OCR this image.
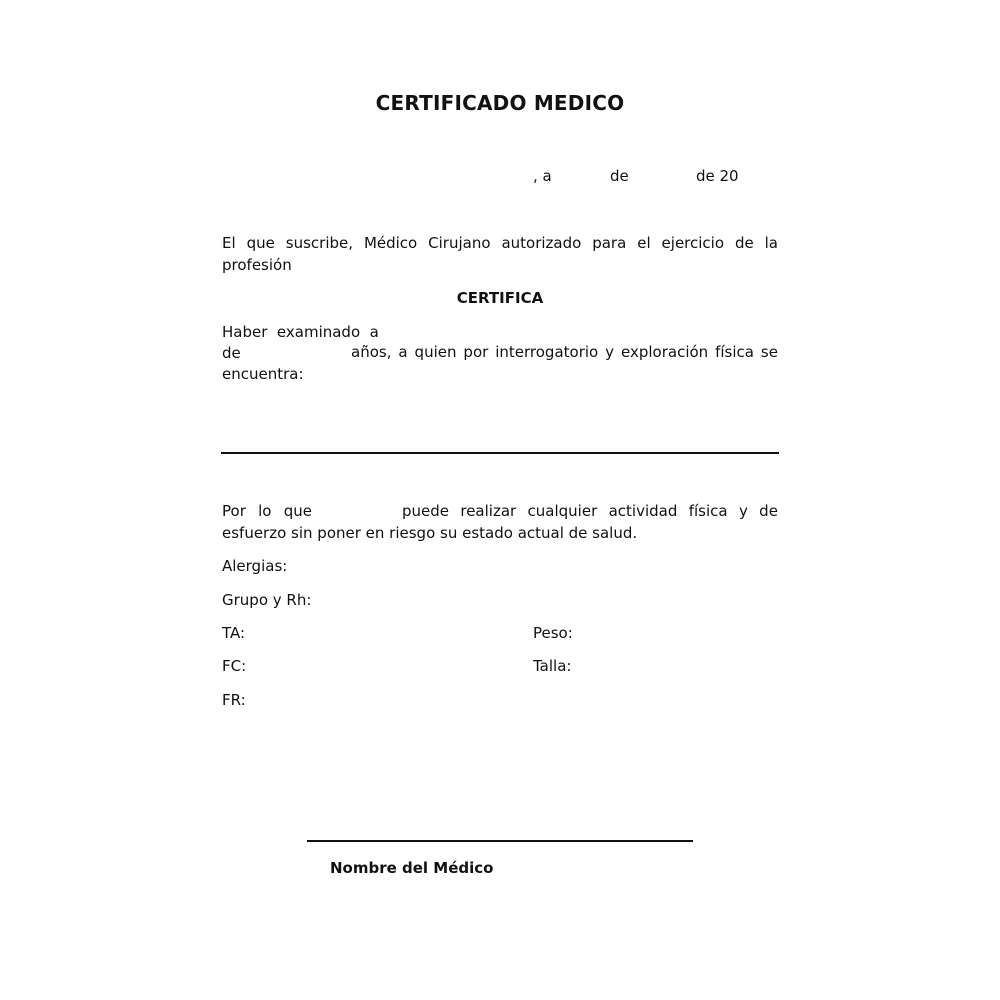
CERTIFICADO MEDICO
, a	de	de 20
El que suscribe, Médico Cirujano autorizado para el ejercicio de la
profesión
CERTIFICA
Haber  examinado  a
de	años, a quien por interrogatorio y exploración física se
encuentra:
Por lo que	puede realizar cualquier actividad física y de
esfuerzo sin poner en riesgo su estado actual de salud.
Alergias:
Grupo y Rh:
TA:	Peso:
FC:	Talla:
FR:
Nombre del Médico
